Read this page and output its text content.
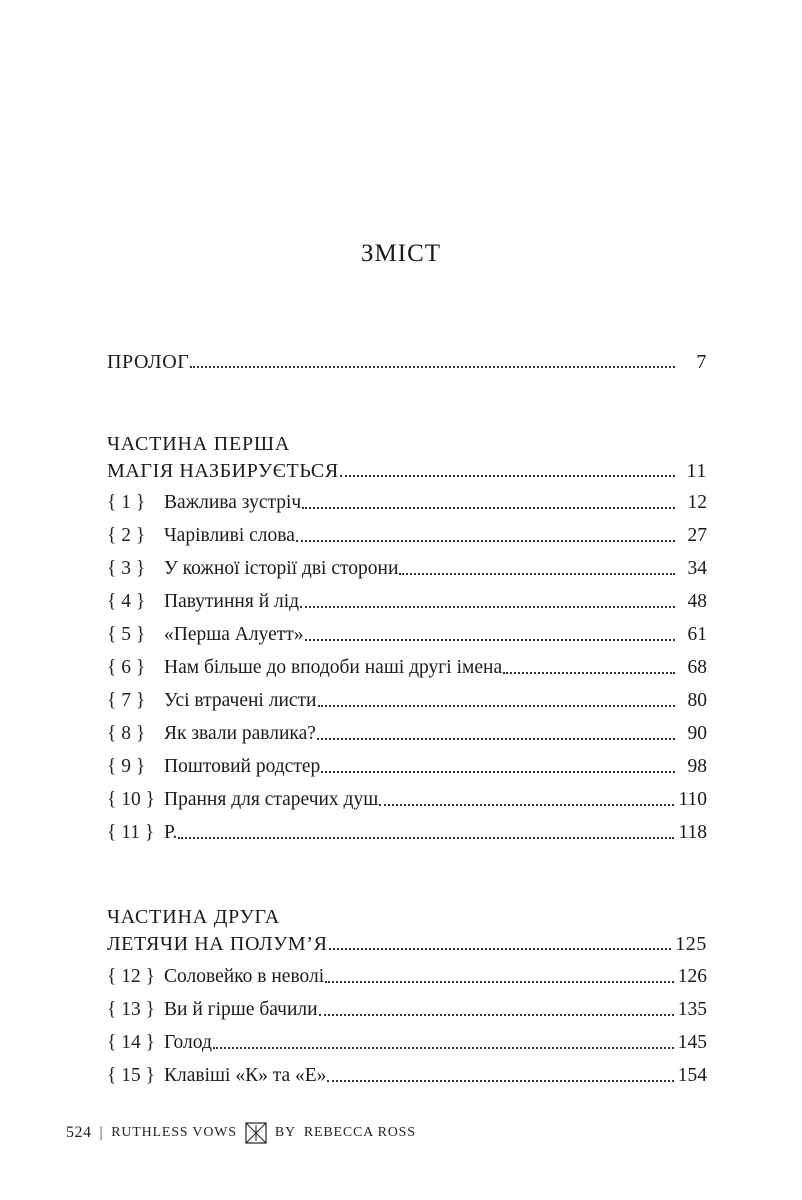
ЗМІСТ
ПРОЛОГ	7
ЧАСТИНА ПЕРША
МАГІЯ НАЗБИРУЄТЬСЯ	11
{ 1 } Важлива зустріч	12
{ 2 } Чарівливі слова	27
{ 3 } У кожної історії дві сторони	34
{ 4 } Павутиння й лід	48
{ 5 } «Перша Алуетт»	61
{ 6 } Нам більше до вподоби наші другі імена	68
{ 7 } Усі втрачені листи	80
{ 8 } Як звали равлика?	90
{ 9 } Поштовий родстер	98
{ 10 } Прання для старечих душ	110
{ 11 } Р.	118
ЧАСТИНА ДРУГА
ЛЕТЯЧИ НА ПОЛУМ’Я	125
{ 12 } Соловейко в неволі	126
{ 13 } Ви й гірше бачили	135
{ 14 } Голод	145
{ 15 } Клавіші «К» та «Е»	154
524 | RUTHLESS VOWS	BY REBECCA ROSS
